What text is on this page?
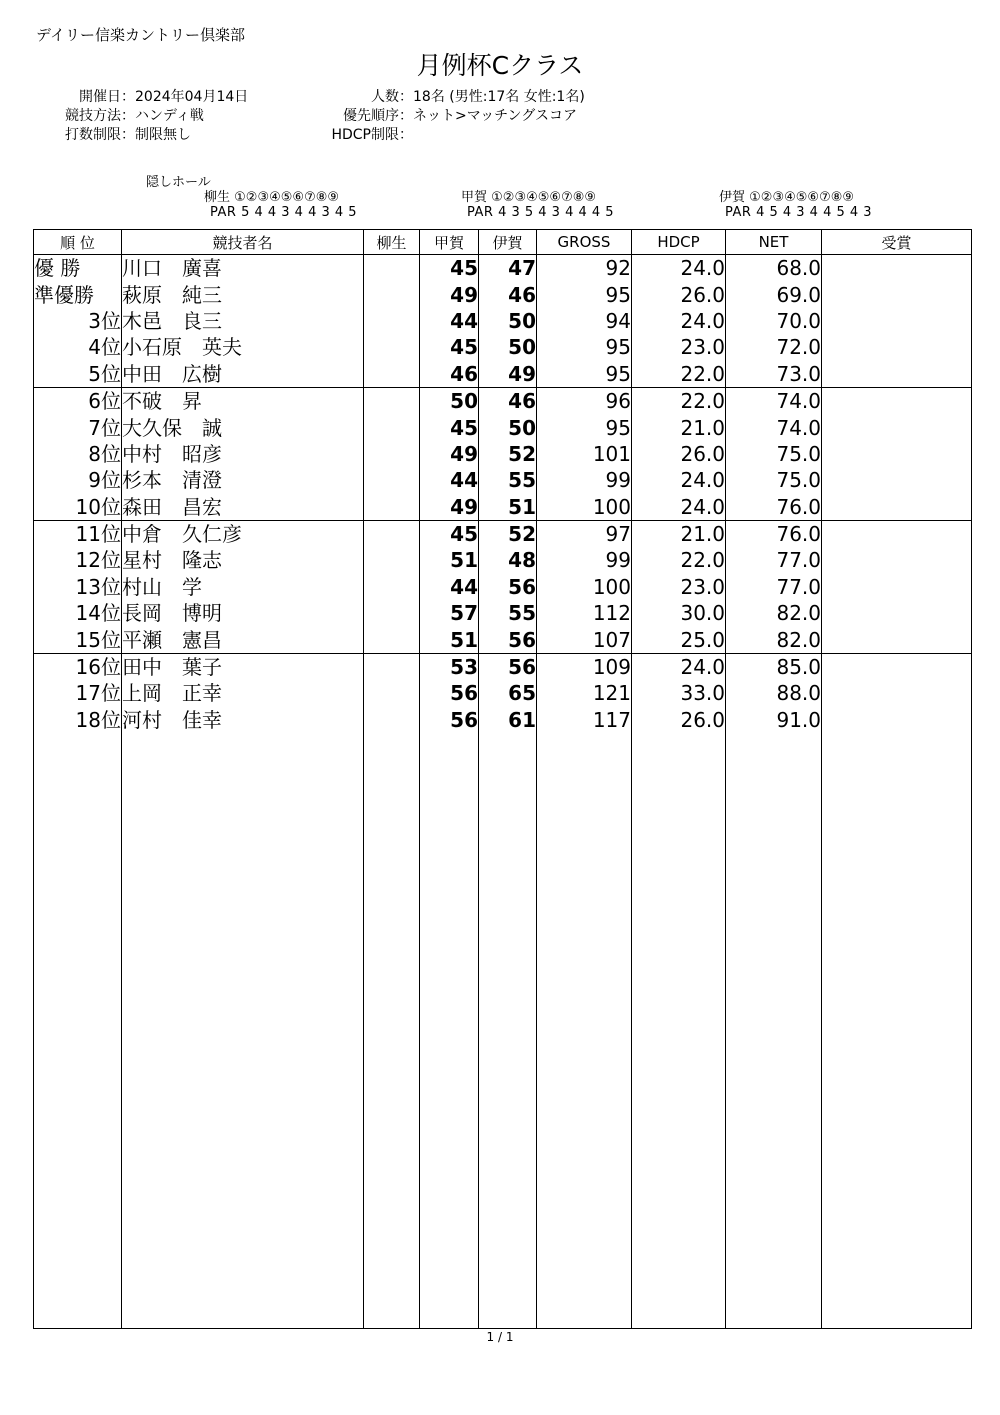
デイリー信楽カントリー倶楽部
月例杯Cクラス
開催日：2024年04月14日
競技方法：ハンディ戦
打数制限：制限無し
人数：18名 (男性:17名 女性:1名)
優先順序：ネット>マッチングスコア
HDCP制限：
隠しホール
柳生 ①②③④⑤⑥⑦⑧⑨
PAR 5 4 4 3 4 4 3 4 5
甲賀 ①②③④⑤⑥⑦⑧⑨
PAR 4 3 5 4 3 4 4 4 5
伊賀 ①②③④⑤⑥⑦⑧⑨
PAR 4 5 4 3 4 4 5 4 3
順 位	競技者名	柳生	甲賀	伊賀	GROSS	HDCP	NET	受賞
優 勝	川口　廣喜		45	47	92	24.0	68.0	
準優勝	萩原　純三		49	46	95	26.0	69.0	
3位	木邑　良三		44	50	94	24.0	70.0	
4位	小石原　英夫		45	50	95	23.0	72.0	
5位	中田　広樹		46	49	95	22.0	73.0	
6位	不破　昇		50	46	96	22.0	74.0	
7位	大久保　誠		45	50	95	21.0	74.0	
8位	中村　昭彦		49	52	101	26.0	75.0	
9位	杉本　清澄		44	55	99	24.0	75.0	
10位	森田　昌宏		49	51	100	24.0	76.0	
11位	中倉　久仁彦		45	52	97	21.0	76.0	
12位	星村　隆志		51	48	99	22.0	77.0	
13位	村山　学		44	56	100	23.0	77.0	
14位	長岡　博明		57	55	112	30.0	82.0	
15位	平瀬　憲昌		51	56	107	25.0	82.0	
16位	田中　葉子		53	56	109	24.0	85.0	
17位	上岡　正幸		56	65	121	33.0	88.0	
18位	河村　佳幸		56	61	117	26.0	91.0	

1 / 1
